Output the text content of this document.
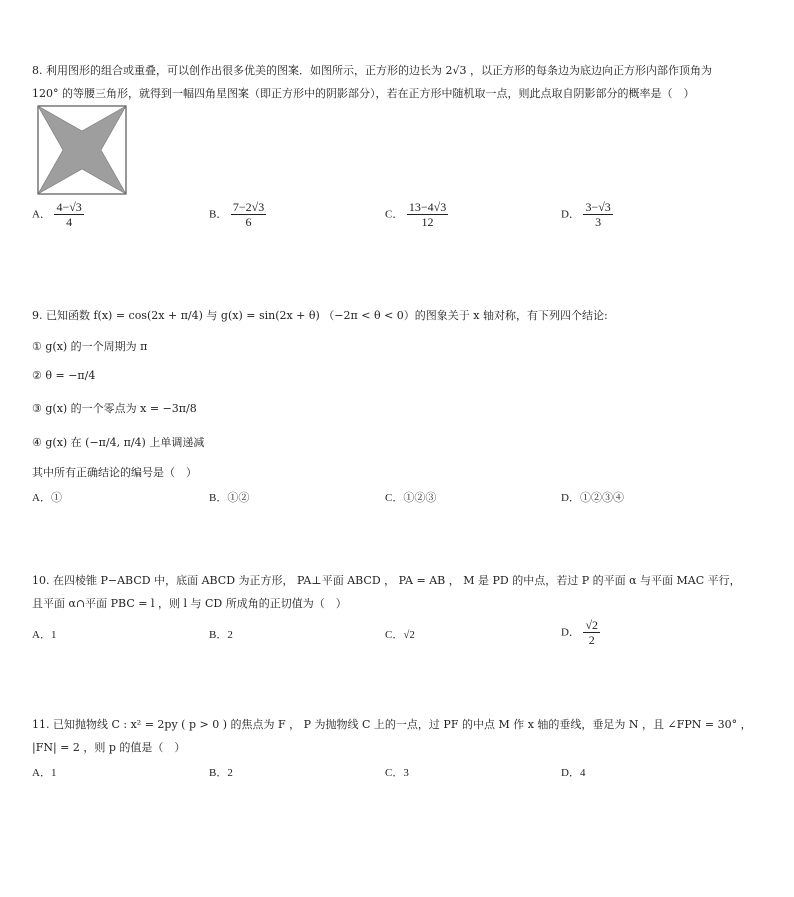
8. 利用图形的组合或重叠，可以创作出很多优美的图案．如图所示，正方形的边长为 2√3 ，以正方形的每条边为底边向正方形内部作顶角为
120° 的等腰三角形，就得到一幅四角星图案（即正方形中的阴影部分），若在正方形中随机取一点，则此点取自阴影部分的概率是（　）
A． $\frac{4-√3}{4}$	B． $\frac{7-2√3}{6}$	C． $\frac{13-4√3}{12}$	D． $\frac{3-√3}{3}$
9. 已知函数 f(x) = cos(2x + π/4) 与 g(x) = sin(2x + θ) （−2π < θ < 0）的图象关于 x 轴对称，有下列四个结论:
① g(x) 的一个周期为 π
② θ = −π/4
③ g(x) 的一个零点为 x = −3π/8
④ g(x) 在 (−π/4, π/4) 上单调递减
其中所有正确结论的编号是（　）
A．①	B．①②	C．①②③	D．①②③④
10. 在四棱锥 P−ABCD 中，底面 ABCD 为正方形， PA⊥平面 ABCD ， PA = AB ， M 是 PD 的中点，若过 P 的平面 α 与平面 MAC 平行，
且平面 α∩平面 PBC = l ，则 l 与 CD 所成角的正切值为（　）
A．1	B．2	C．√2	D． $\frac{√2}{2}$
11. 已知抛物线 C : x² = 2py ( p > 0 ) 的焦点为 F ， P 为抛物线 C 上的一点，过 PF 的中点 M 作 x 轴的垂线，垂足为 N ，且 ∠FPN = 30° ，
|FN| = 2 ，则 p 的值是（　）
A．1	B．2	C．3	D．4
